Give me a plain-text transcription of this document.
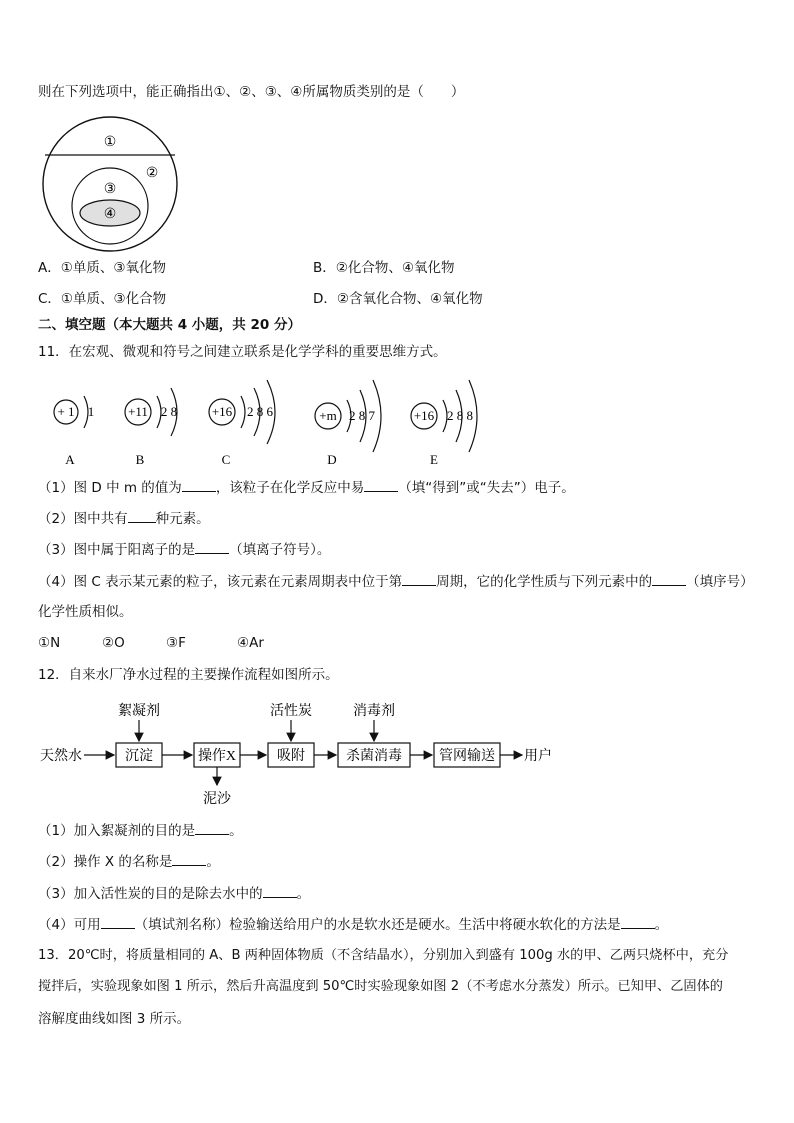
则在下列选项中，能正确指出①、②、③、④所属物质类别的是（　　）
①
②
③
④
A．①单质、③氧化物	B．②化合物、④氧化物
C．①单质、③化合物	D．②含氧化合物、④氧化物
二、填空题（本大题共 4 小题，共 20 分）
11．在宏观、微观和符号之间建立联系是化学学科的重要思维方式。
+ 1 1
A
+11 2 8
B
+16 2 8 6
C
+m 2 8 7
D
+16 2 8 8
E
（1）图 D 中 m 的值为	，该粒子在化学反应中易	（填“得到”或“失去”）电子。
（2）图中共有 种元素。
（3）图中属于阳离子的是	（填离子符号）。
（4）图 C 表示某元素的粒子，该元素在元素周期表中位于第	周期，它的化学性质与下列元素中的	（填序号）
化学性质相似。
①N	②O	③F	④Ar
12．自来水厂净水过程的主要操作流程如图所示。
天然水	沉淀	操作X	吸附	杀菌消毒	管网输送 用户
絮凝剂	活性炭	消毒剂
泥沙
（1）加入絮凝剂的目的是	。
（2）操作 X 的名称是	。
（3）加入活性炭的目的是除去水中的	。
（4）可用	（填试剂名称）检验输送给用户的水是软水还是硬水。生活中将硬水软化的方法是	。
13．20℃时，将质量相同的 A、B 两种固体物质（不含结晶水），分别加入到盛有 100g 水的甲、乙两只烧杯中，充分
搅拌后，实验现象如图 1 所示，然后升高温度到 50℃时实验现象如图 2（不考虑水分蒸发）所示。已知甲、乙固体的
溶解度曲线如图 3 所示。
